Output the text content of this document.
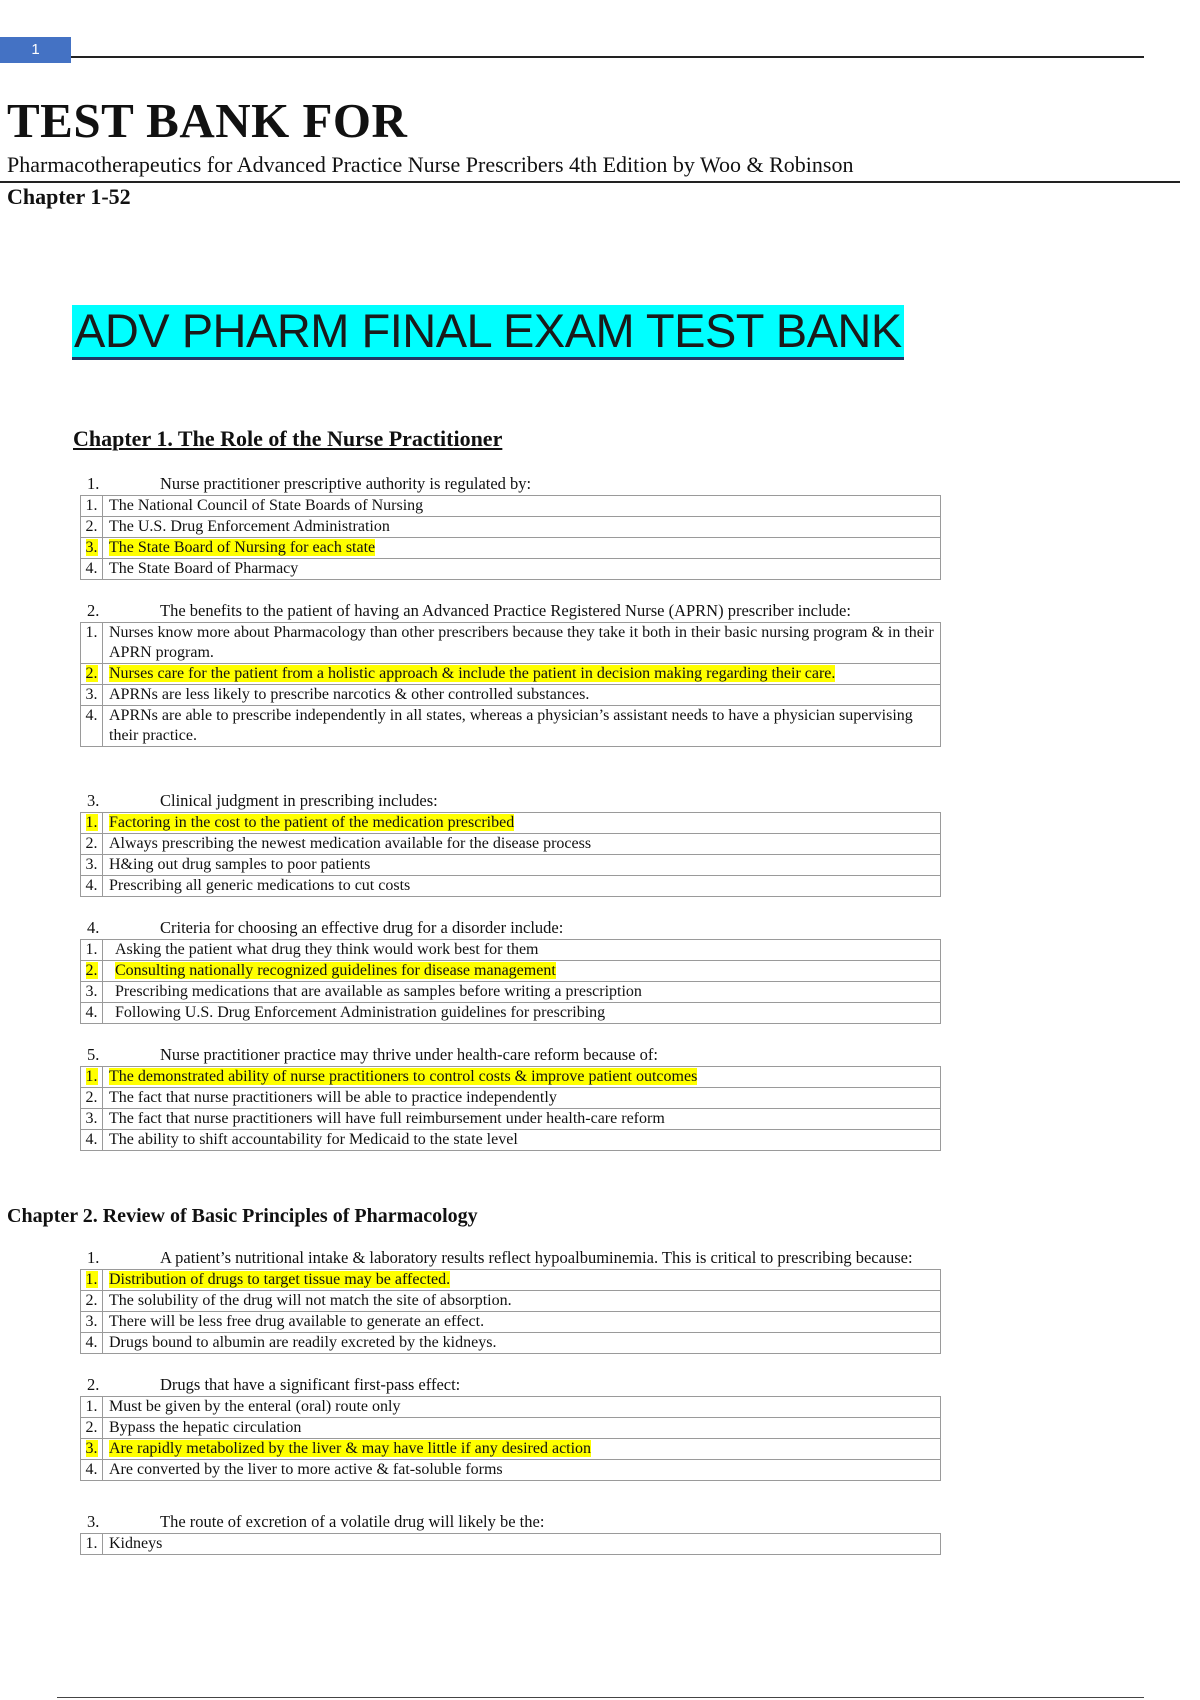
1
TEST BANK FOR
Pharmacotherapeutics for Advanced Practice Nurse Prescribers 4th Edition by Woo & Robinson
Chapter 1-52
ADV PHARM FINAL EXAM TEST BANK
Chapter 1. The Role of the Nurse Practitioner
Chapter 2. Review of Basic Principles of Pharmacology
1.	Nurse practitioner prescriptive authority is regulated by:
1.	The National Council of State Boards of Nursing
2.	The U.S. Drug Enforcement Administration
3.	The State Board of Nursing for each state
4.	The State Board of Pharmacy
2.	The benefits to the patient of having an Advanced Practice Registered Nurse (APRN) prescriber include:
1.	Nurses know more about Pharmacology than other prescribers because they take it both in their basic nursing program & in their APRN program.
2.	Nurses care for the patient from a holistic approach & include the patient in decision making regarding their care.
3.	APRNs are less likely to prescribe narcotics & other controlled substances.
4.	APRNs are able to prescribe independently in all states, whereas a physician’s assistant needs to have a physician supervising their practice.
3.	Clinical judgment in prescribing includes:
1.	Factoring in the cost to the patient of the medication prescribed
2.	Always prescribing the newest medication available for the disease process
3.	H&ing out drug samples to poor patients
4.	Prescribing all generic medications to cut costs
4.	Criteria for choosing an effective drug for a disorder include:
1.	Asking the patient what drug they think would work best for them
2.	Consulting nationally recognized guidelines for disease management
3.	Prescribing medications that are available as samples before writing a prescription
4.	Following U.S. Drug Enforcement Administration guidelines for prescribing
5.	Nurse practitioner practice may thrive under health-care reform because of:
1.	The demonstrated ability of nurse practitioners to control costs & improve patient outcomes
2.	The fact that nurse practitioners will be able to practice independently
3.	The fact that nurse practitioners will have full reimbursement under health-care reform
4.	The ability to shift accountability for Medicaid to the state level
1.	A patient’s nutritional intake & laboratory results reflect hypoalbuminemia. This is critical to prescribing because:
1.	Distribution of drugs to target tissue may be affected.
2.	The solubility of the drug will not match the site of absorption.
3.	There will be less free drug available to generate an effect.
4.	Drugs bound to albumin are readily excreted by the kidneys.
2.	Drugs that have a significant first-pass effect:
1.	Must be given by the enteral (oral) route only
2.	Bypass the hepatic circulation
3.	Are rapidly metabolized by the liver & may have little if any desired action
4.	Are converted by the liver to more active & fat-soluble forms
3.	The route of excretion of a volatile drug will likely be the:
1.	Kidneys
